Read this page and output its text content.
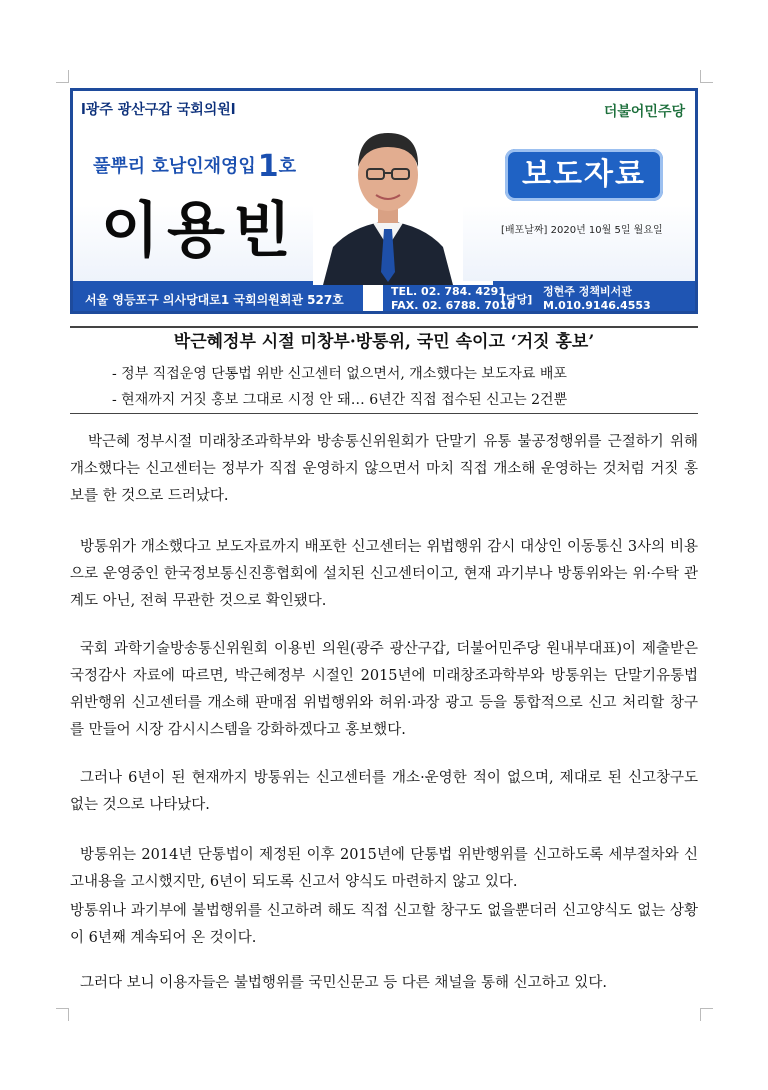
l광주 광산구갑 국회의원l	더불어민주당
풀뿌리 호남인재영입1호
이용빈
보도자료
[배포날짜] 2020년 10월 5일 월요일
서울 영등포구 의사당대로1 국회의원회관 527호
TEL. 02. 784. 4291
FAX. 02. 6788. 7010
[담당]
정현주 정책비서관
M.010.9146.4553
박근혜정부 시절 미창부·방통위, 국민 속이고 ‘거짓 홍보’
- 정부 직접운영 단통법 위반 신고센터 없으면서, 개소했다는 보도자료 배포
- 현재까지 거짓 홍보 그대로 시정 안 돼… 6년간 직접 접수된 신고는 2건뿐
박근혜 정부시절 미래창조과학부와 방송통신위원회가 단말기 유통 불공정행위를 근절하기 위해 개소했다는 신고센터는 정부가 직접 운영하지 않으면서 마치 직접 개소해 운영하는 것처럼 거짓 홍보를 한 것으로 드러났다.
방통위가 개소했다고 보도자료까지 배포한 신고센터는 위법행위 감시 대상인 이동통신 3사의 비용으로 운영중인 한국정보통신진흥협회에 설치된 신고센터이고, 현재 과기부나 방통위와는 위·수탁 관계도 아닌, 전혀 무관한 것으로 확인됐다.
국회 과학기술방송통신위원회 이용빈 의원(광주 광산구갑, 더불어민주당 원내부대표)이 제출받은 국정감사 자료에 따르면, 박근혜정부 시절인 2015년에 미래창조과학부와 방통위는 단말기유통법 위반행위 신고센터를 개소해 판매점 위법행위와 허위·과장 광고 등을 통합적으로 신고 처리할 창구를 만들어 시장 감시시스템을 강화하겠다고 홍보했다.
그러나 6년이 된 현재까지 방통위는 신고센터를 개소·운영한 적이 없으며, 제대로 된 신고창구도 없는 것으로 나타났다.
방통위는 2014년 단통법이 제정된 이후 2015년에 단통법 위반행위를 신고하도록 세부절차와 신고내용을 고시했지만, 6년이 되도록 신고서 양식도 마련하지 않고 있다.
방통위나 과기부에 불법행위를 신고하려 해도 직접 신고할 창구도 없을뿐더러 신고양식도 없는 상황이 6년째 계속되어 온 것이다.
그러다 보니 이용자들은 불법행위를 국민신문고 등 다른 채널을 통해 신고하고 있다.
